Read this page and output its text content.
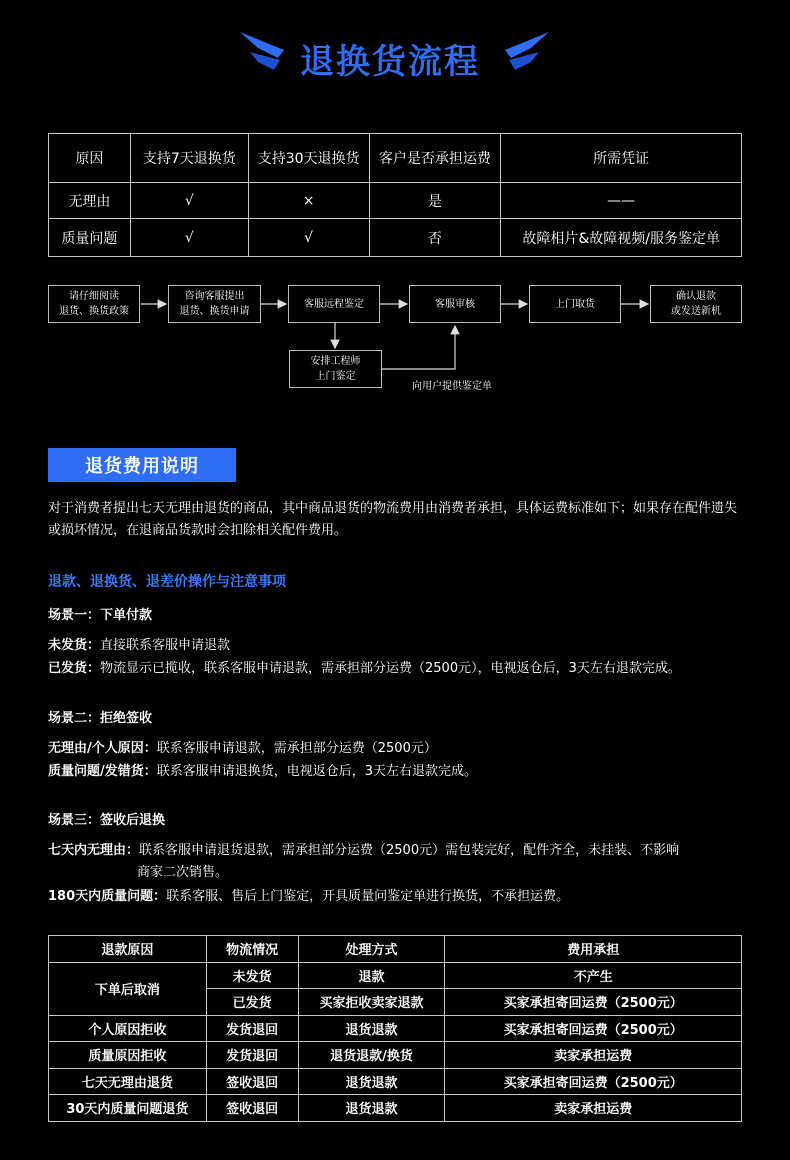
退换货流程
原因	支持7天退换货	支持30天退换货	客户是否承担运费	所需凭证
无理由	√	×	是	——
质量问题	√	√	否	故障相片&故障视频/服务鉴定单
请仔细阅读
退货、换货政策
咨询客服提出
退货、换货申请
客服远程鉴定	客服审核	上门取货
确认退款
或发送新机
安排工程师
上门鉴定
向用户提供鉴定单
退货费用说明
对于消费者提出七天无理由退货的商品，其中商品退货的物流费用由消费者承担，具体运费标准如下；如果存在配件遗失或损坏情况，在退商品货款时会扣除相关配件费用。
退款、退换货、退差价操作与注意事项
场景一：下单付款
未发货：直接联系客服申请退款
已发货：物流显示已揽收，联系客服申请退款，需承担部分运费（2500元），电视返仓后，3天左右退款完成。
场景二：拒绝签收
无理由/个人原因：联系客服申请退款，需承担部分运费（2500元）
质量问题/发错货：联系客服申请退换货，电视返仓后，3天左右退款完成。
场景三：签收后退换
七天内无理由：联系客服申请退货退款，需承担部分运费（2500元）需包装完好，配件齐全，未挂装、不影响
商家二次销售。
180天内质量问题：联系客服、售后上门鉴定，开具质量问鉴定单进行换货，不承担运费。
退款原因	物流情况	处理方式	费用承担
下单后取消	未发货	退款	不产生
	已发货	买家拒收卖家退款	买家承担寄回运费（2500元）
个人原因拒收	发货退回	退货退款	买家承担寄回运费（2500元）
质量原因拒收	发货退回	退货退款/换货	卖家承担运费
七天无理由退货	签收退回	退货退款	买家承担寄回运费（2500元）
30天内质量问题退货	签收退回	退货退款	卖家承担运费
